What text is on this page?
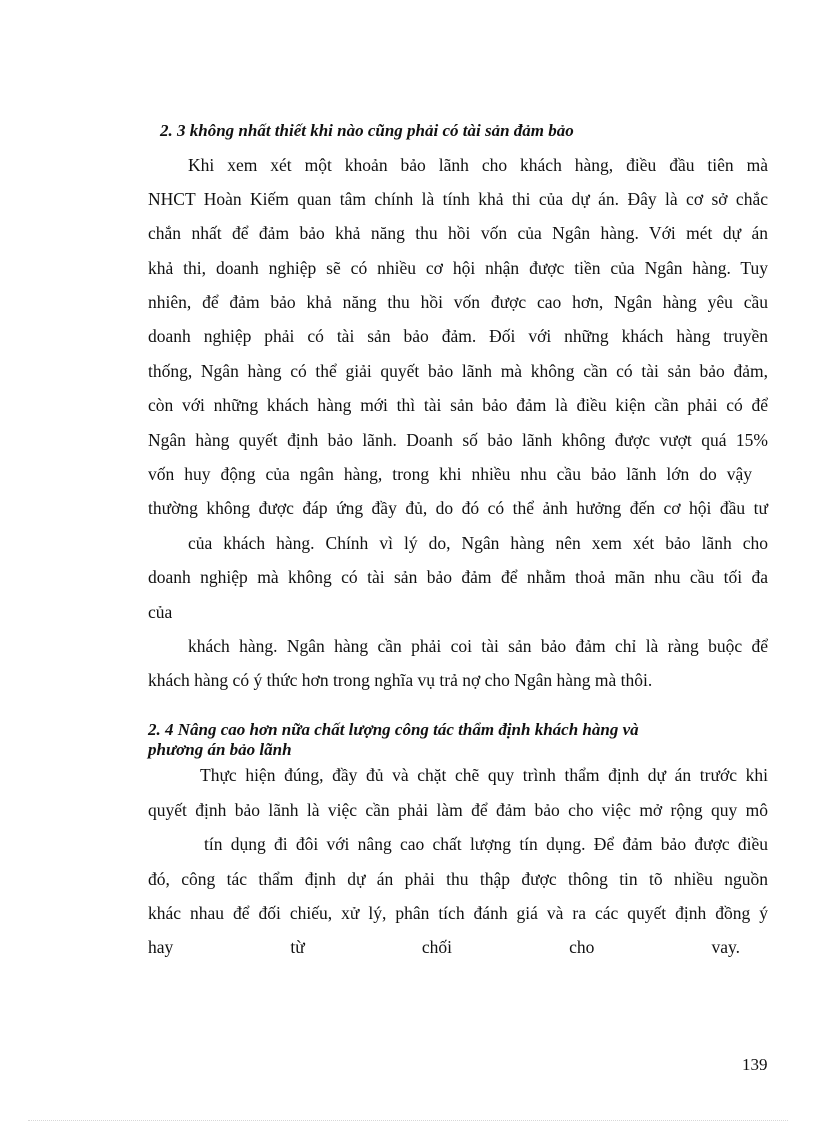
2. 3 không nhất thiết khi nào cũng phải có tài sản đảm bảo
Khi xem xét một khoản bảo lãnh cho khách hàng, điều đầu tiên mà
NHCT Hoàn Kiếm quan tâm chính là tính khả thi của dự án. Đây là cơ sở chắc
chắn nhất để đảm bảo khả năng thu hồi vốn của Ngân hàng. Với mét dự án
khả thi, doanh nghiệp sẽ có nhiều cơ hội nhận được tiền của Ngân hàng. Tuy
nhiên, để đảm bảo khả năng thu hồi vốn được cao hơn, Ngân hàng yêu cầu
doanh nghiệp phải có tài sản bảo đảm. Đối với những khách hàng truyền
thống, Ngân hàng có thể giải quyết bảo lãnh mà không cần có tài sản bảo đảm,
còn với những khách hàng mới thì tài sản bảo đảm là điều kiện cần phải có để
Ngân hàng quyết định bảo lãnh. Doanh số bảo lãnh không được vượt quá 15%
vốn huy động của ngân hàng, trong khi nhiều nhu cầu bảo lãnh lớn do vậy
thường không được đáp ứng đầy đủ, do đó có thể ảnh hưởng đến cơ hội đầu tư
của khách hàng. Chính vì lý do, Ngân hàng nên xem xét bảo lãnh cho
doanh nghiệp mà không có tài sản bảo đảm để nhằm thoả mãn nhu cầu tối đa
của
khách hàng. Ngân hàng cần phải coi tài sản bảo đảm chỉ là ràng buộc để
khách hàng có ý thức hơn trong nghĩa vụ trả nợ cho Ngân hàng mà thôi.
2. 4 Nâng cao hơn nữa chất lượng công tác thẩm định khách hàng và
phương án bảo lãnh
Thực hiện đúng, đầy đủ và chặt chẽ quy trình thẩm định dự án trước khi
quyết định bảo lãnh là việc cần phải làm để đảm bảo cho việc mở rộng quy mô
tín dụng đi đôi với nâng cao chất lượng tín dụng. Để đảm bảo được điều
đó, công tác thẩm định dự án phải thu thập được thông tin tõ nhiều nguồn
khác nhau để đối chiếu, xử lý, phân tích đánh giá và ra các quyết định đồng ý
hay từ chối cho vay.
139
